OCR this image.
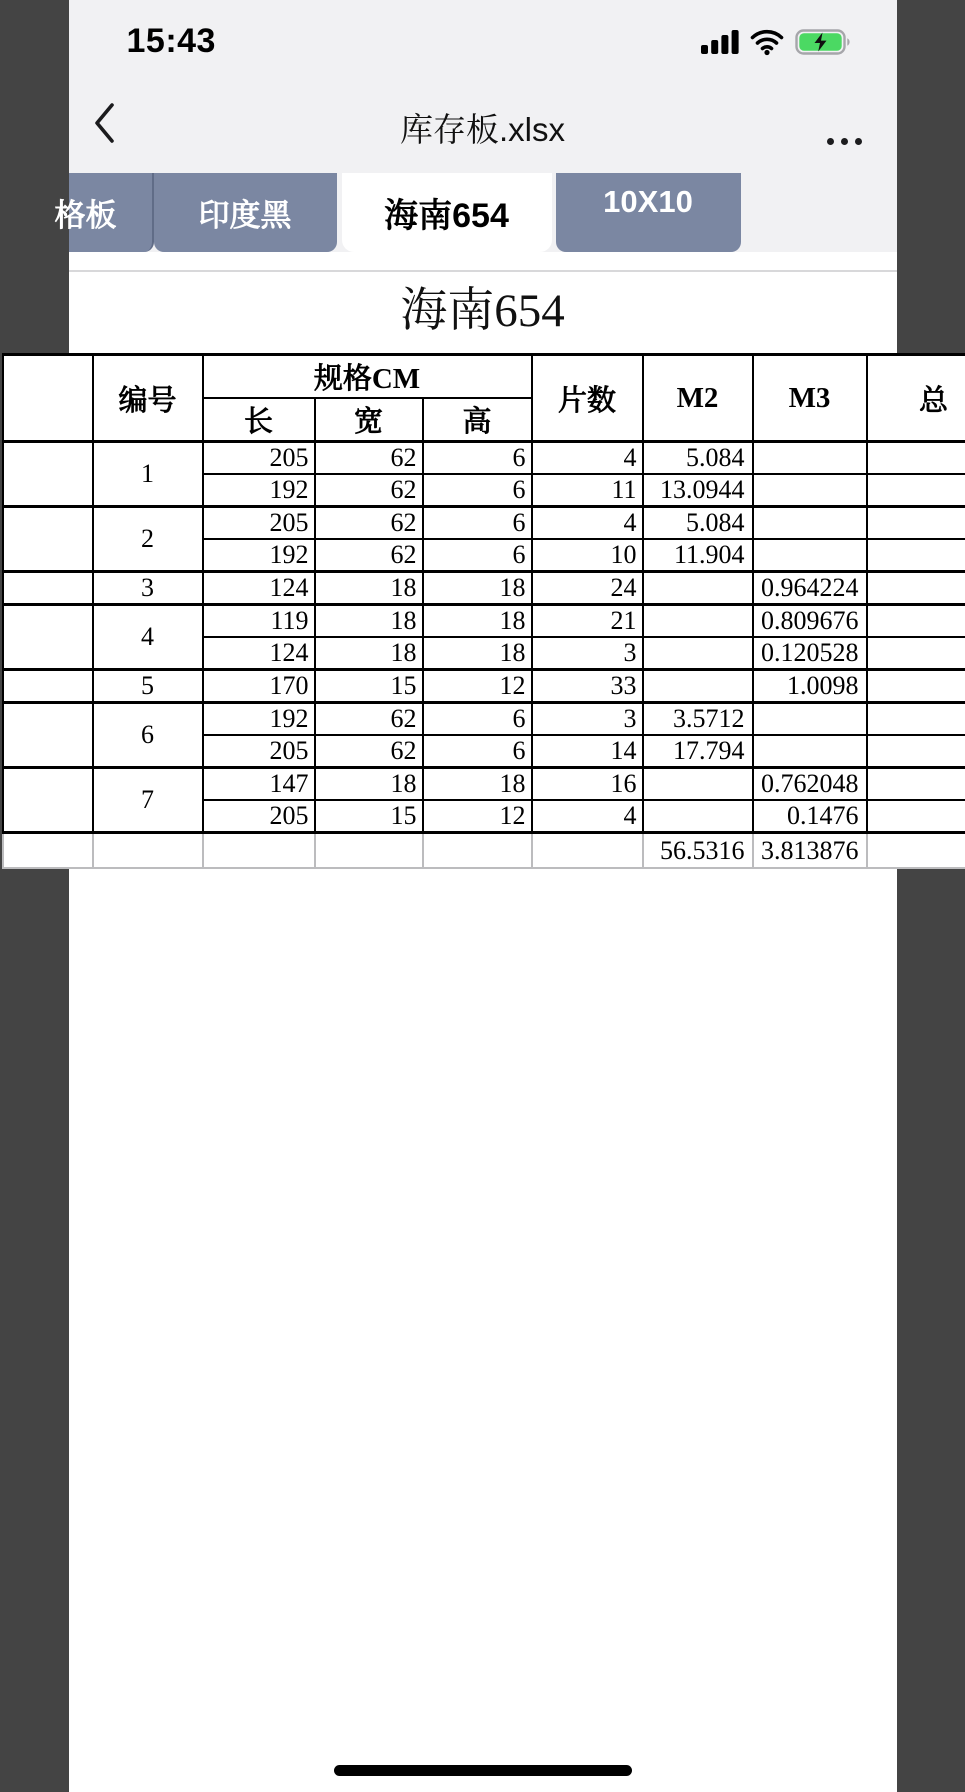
15:43
库存板.xlsx
格板	印度黑	海南654	10X10
海南654
	编号	规格CM			片数	M2	M3	总
		长	宽	高				
	1	205	62	6	4	5.084		
		192	62	6	11	13.0944		
	2	205	62	6	4	5.084		
		192	62	6	10	11.904		
	3	124	18	18	24		0.964224	
	4	119	18	18	21		0.809676	
		124	18	18	3		0.120528	
	5	170	15	12	33		1.0098	
	6	192	62	6	3	3.5712		
		205	62	6	14	17.794		
	7	147	18	18	16		0.762048	
		205	15	12	4		0.1476	
						56.5316	3.813876	
